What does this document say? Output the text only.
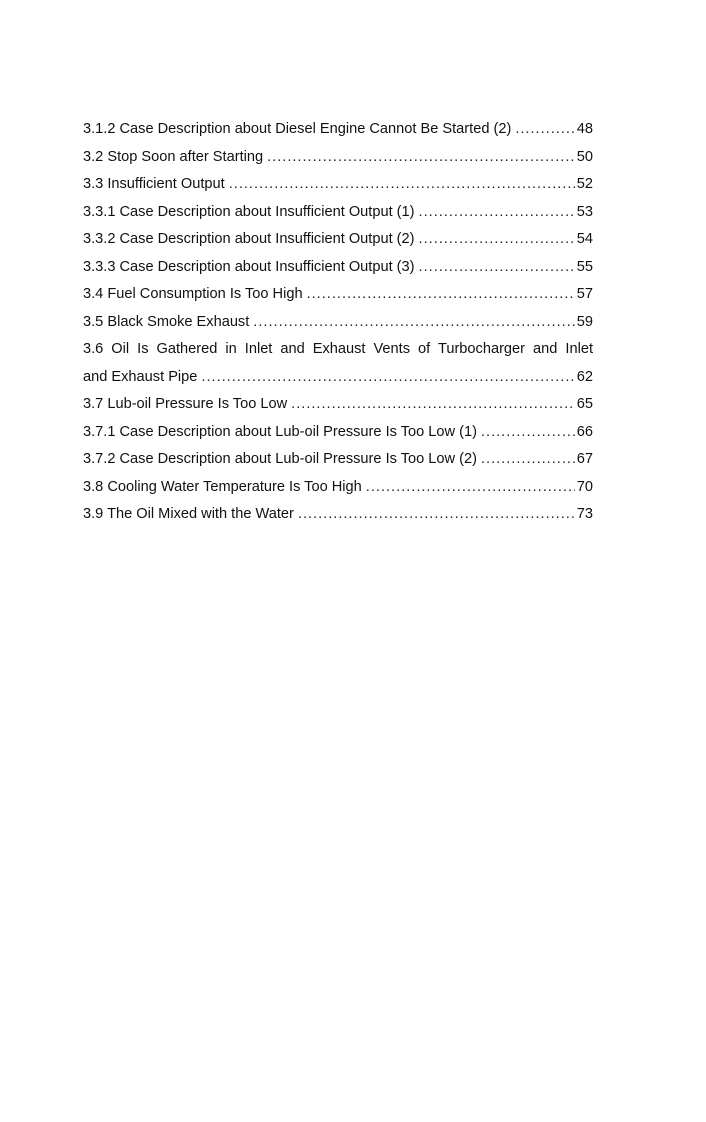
3.1.2 Case Description about Diesel Engine Cannot Be Started (2) .....	48
3.2 Stop Soon after Starting .....	50
3.3 Insufficient Output .....	52
3.3.1 Case Description about Insufficient Output (1) .....	53
3.3.2 Case Description about Insufficient Output (2) .....	54
3.3.3 Case Description about Insufficient Output (3) .....	55
3.4 Fuel Consumption Is Too High .....	57
3.5 Black Smoke Exhaust .....	59
3.6 Oil Is Gathered in Inlet and Exhaust Vents of Turbocharger and Inlet
and Exhaust Pipe .....	62
3.7 Lub-oil Pressure Is Too Low .....	65
3.7.1 Case Description about Lub-oil Pressure Is Too Low (1) .....	66
3.7.2 Case Description about Lub-oil Pressure Is Too Low (2) .....	67
3.8 Cooling Water Temperature Is Too High .....	70
3.9 The Oil Mixed with the Water .....	73
